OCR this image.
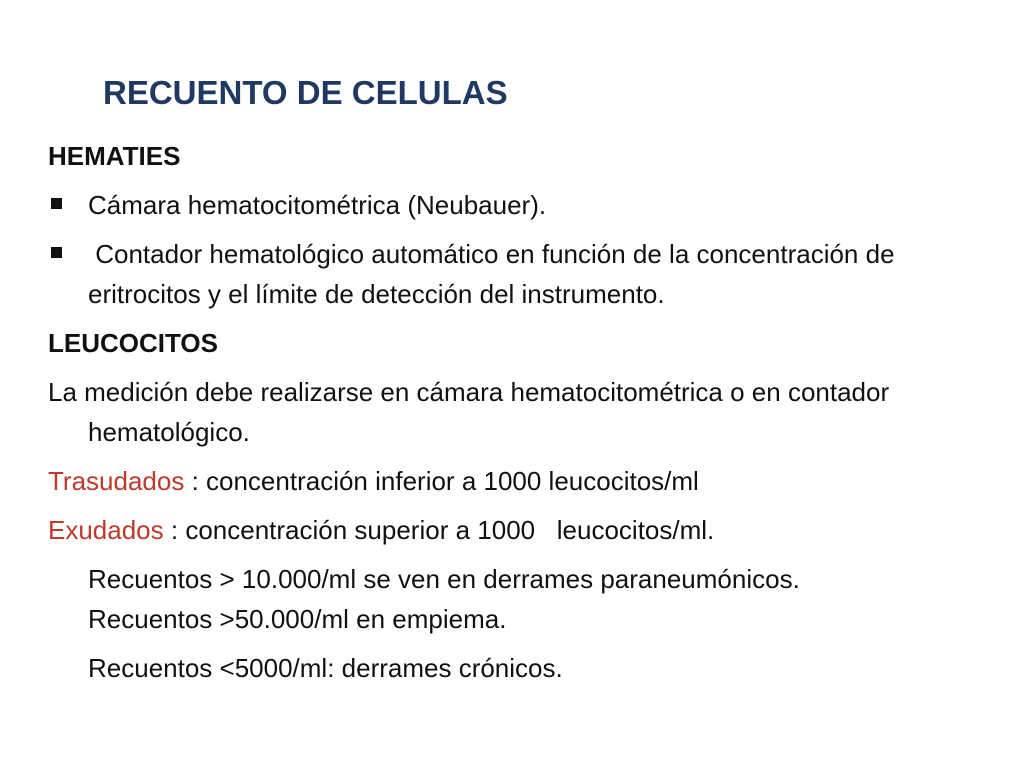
RECUENTO DE CELULAS
HEMATIES
Cámara hematocitométrica (Neubauer).
Contador hematológico automático en función de la concentración de eritrocitos y el límite de detección del instrumento.
LEUCOCITOS
La medición debe realizarse en cámara hematocitométrica o en contador hematológico.
Trasudados : concentración inferior a 1000 leucocitos/ml
Exudados : concentración superior a 1000   leucocitos/ml.
Recuentos > 10.000/ml se ven en derrames paraneumónicos.
Recuentos >50.000/ml en empiema.
Recuentos <5000/ml: derrames crónicos.
